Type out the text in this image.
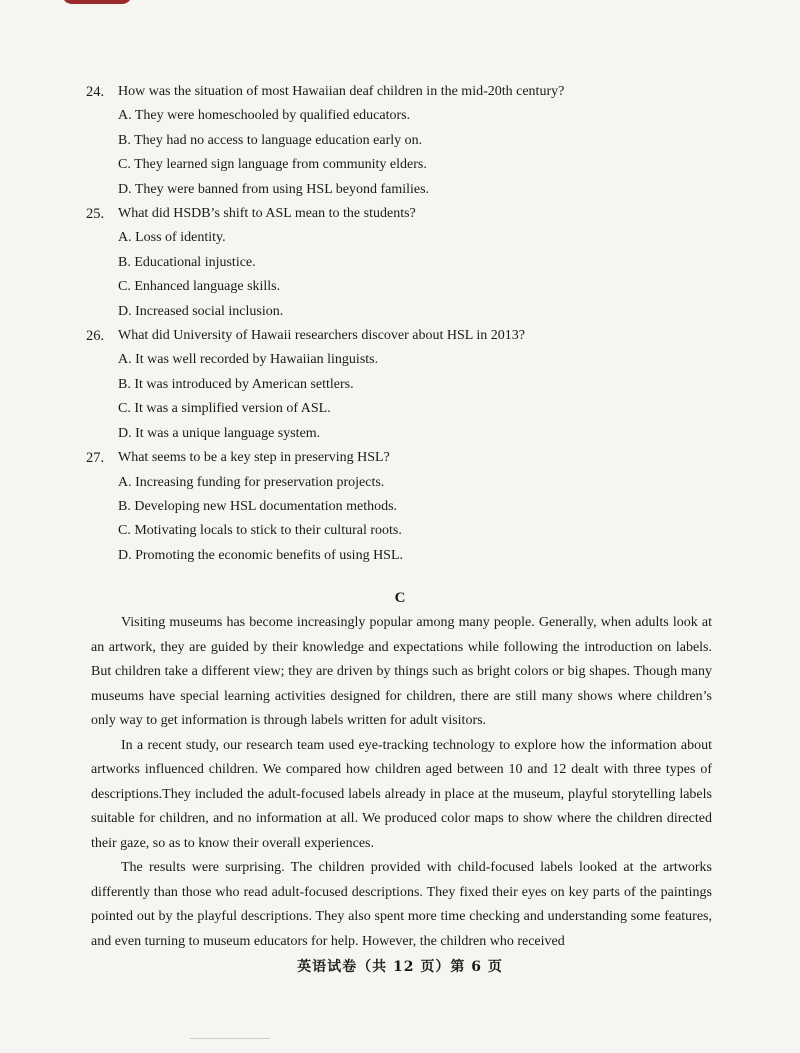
24. How was the situation of most Hawaiian deaf children in the mid-20th century?
A. They were homeschooled by qualified educators.
B. They had no access to language education early on.
C. They learned sign language from community elders.
D. They were banned from using HSL beyond families.
25. What did HSDB’s shift to ASL mean to the students?
A. Loss of identity.
B. Educational injustice.
C. Enhanced language skills.
D. Increased social inclusion.
26. What did University of Hawaii researchers discover about HSL in 2013?
A. It was well recorded by Hawaiian linguists.
B. It was introduced by American settlers.
C. It was a simplified version of ASL.
D. It was a unique language system.
27. What seems to be a key step in preserving HSL?
A. Increasing funding for preservation projects.
B. Developing new HSL documentation methods.
C. Motivating locals to stick to their cultural roots.
D. Promoting the economic benefits of using HSL.
C

Visiting museums has become increasingly popular among many people. Generally, when adults look at an artwork, they are guided by their knowledge and expectations while following the introduction on labels. But children take a different view; they are driven by things such as bright colors or big shapes. Though many museums have special learning activities designed for children, there are still many shows where children’s only way to get information is through labels written for adult visitors.

In a recent study, our research team used eye-tracking technology to explore how the information about artworks influenced children. We compared how children aged between 10 and 12 dealt with three types of descriptions.They included the adult-focused labels already in place at the museum, playful storytelling labels suitable for children, and no information at all. We produced color maps to show where the children directed their gaze, so as to know their overall experiences.

The results were surprising. The children provided with child-focused labels looked at the artworks differently than those who read adult-focused descriptions. They fixed their eyes on key parts of the paintings pointed out by the playful descriptions. They also spent more time checking and understanding some features, and even turning to museum educators for help. However, the children who received

英语试卷（共 12 页）第 6 页
